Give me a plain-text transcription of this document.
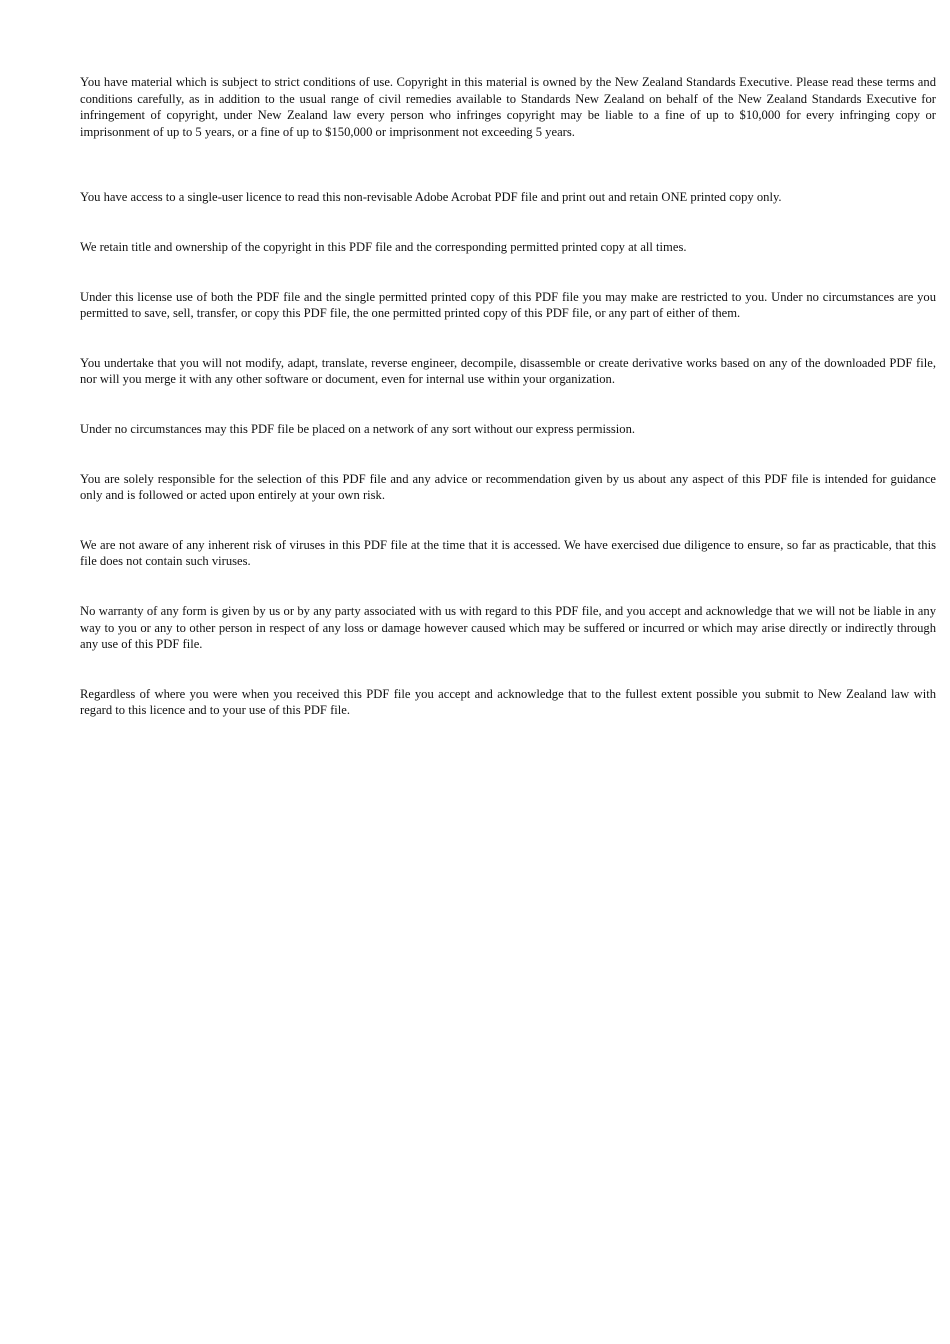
You have material which is subject to strict conditions of use. Copyright in this material is owned by the New Zealand Standards Executive. Please read these terms and conditions carefully, as in addition to the usual range of civil remedies available to Standards New Zealand on behalf of the New Zealand Standards Executive for infringement of copyright, under New Zealand law every person who infringes copyright may be liable to a fine of up to $10,000 for every infringing copy or imprisonment of up to 5 years, or a fine of up to $150,000 or imprisonment not exceeding 5 years.

You have access to a single-user licence to read this non-revisable Adobe Acrobat PDF file and print out and retain ONE printed copy only.

We retain title and ownership of the copyright in this PDF file and the corresponding permitted printed copy at all times.

Under this license use of both the PDF file and the single permitted printed copy of this PDF file you may make are restricted to you. Under no circumstances are you permitted to save, sell, transfer, or copy this PDF file, the one permitted printed copy of this PDF file, or any part of either of them.

You undertake that you will not modify, adapt, translate, reverse engineer, decompile, disassemble or create derivative works based on any of the downloaded PDF file, nor will you merge it with any other software or document, even for internal use within your organization.

Under no circumstances may this PDF file be placed on a network of any sort without our express permission.

You are solely responsible for the selection of this PDF file and any advice or recommendation given by us about any aspect of this PDF file is intended for guidance only and is followed or acted upon entirely at your own risk.

We are not aware of any inherent risk of viruses in this PDF file at the time that it is accessed. We have exercised due diligence to ensure, so far as practicable, that this file does not contain such viruses.

No warranty of any form is given by us or by any party associated with us with regard to this PDF file, and you accept and acknowledge that we will not be liable in any way to you or any to other person in respect of any loss or damage however caused which may be suffered or incurred or which may arise directly or indirectly through any use of this PDF file.

Regardless of where you were when you received this PDF file you accept and acknowledge that to the fullest extent possible you submit to New Zealand law with regard to this licence and to your use of this PDF file.
